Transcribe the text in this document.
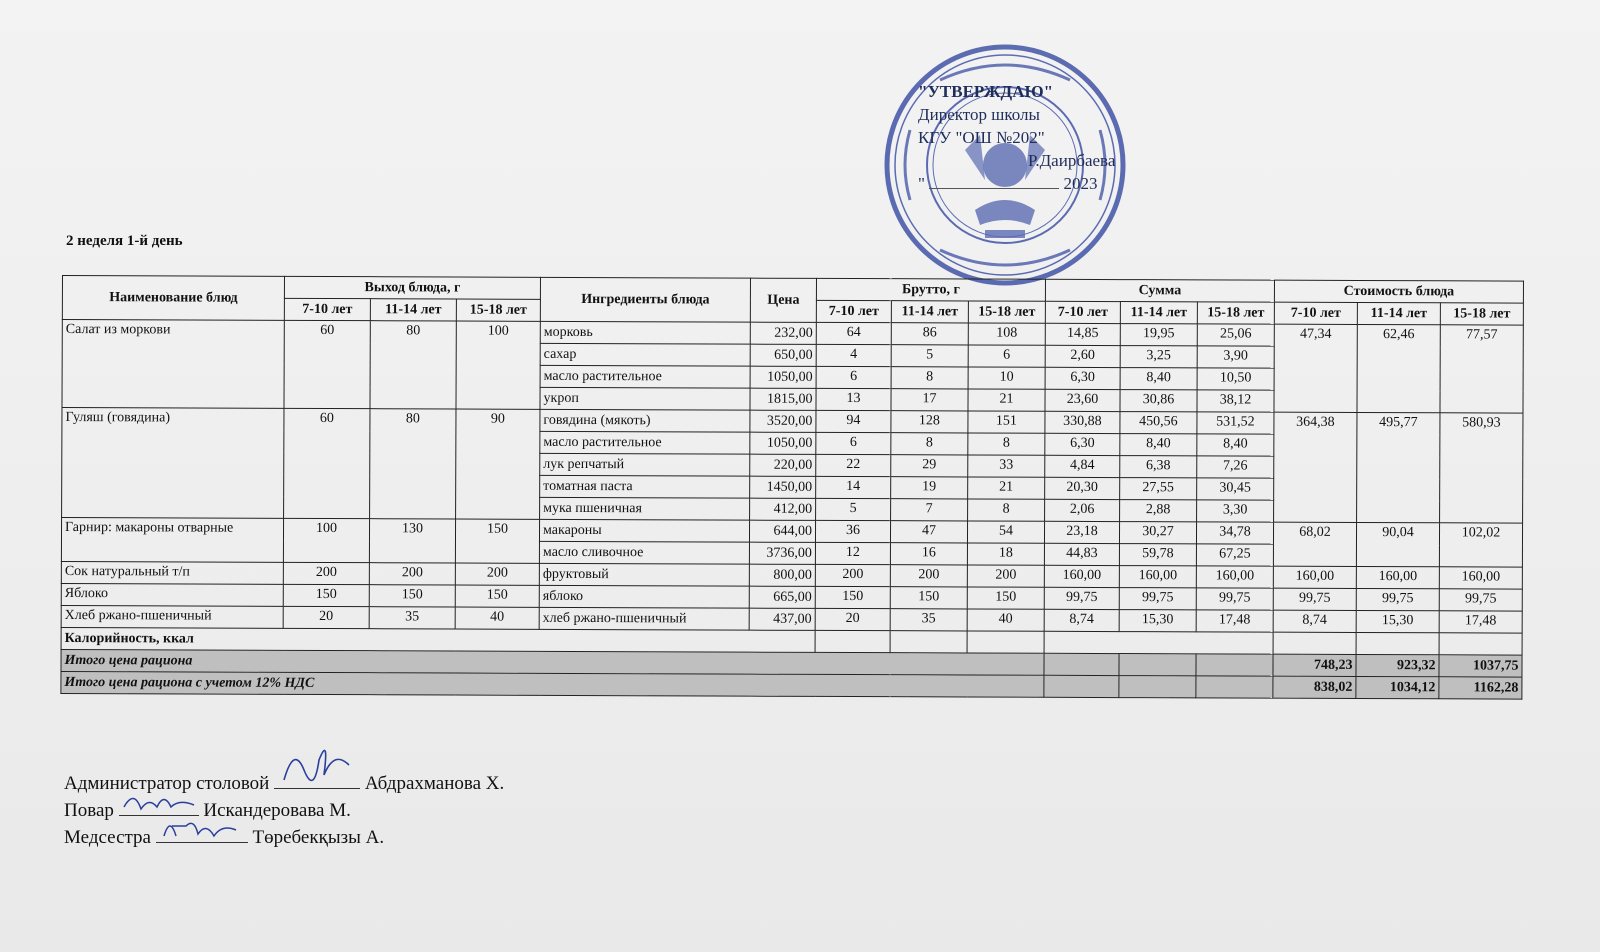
"УТВЕРЖДАЮ"
Директор школы
КГУ "ОШ №202"
Р.Даирбаева
"	2023
2 неделя 1-й день
Наименование блюд	Выход блюда, г			Ингредиенты блюда	Цена	Брутто, г			Сумма			Стоимость блюда		
	7-10 лет	11-14 лет	15-18 лет			7-10 лет	11-14 лет	15-18 лет	7-10 лет	11-14 лет	15-18 лет	7-10 лет	11-14 лет	15-18 лет
Салат из моркови	60	80	100	морковь	232,00	64	86	108	14,85	19,95	25,06	47,34	62,46	77,57
				сахар	650,00	4	5	6	2,60	3,25	3,90			
				масло растительное	1050,00	6	8	10	6,30	8,40	10,50			
				укроп	1815,00	13	17	21	23,60	30,86	38,12			
Гуляш (говядина)	60	80	90	говядина (мякоть)	3520,00	94	128	151	330,88	450,56	531,52	364,38	495,77	580,93
				масло растительное	1050,00	6	8	8	6,30	8,40	8,40			
				лук репчатый	220,00	22	29	33	4,84	6,38	7,26			
				томатная паста	1450,00	14	19	21	20,30	27,55	30,45			
				мука пшеничная	412,00	5	7	8	2,06	2,88	3,30			
Гарнир: макароны отварные	100	130	150	макароны	644,00	36	47	54	23,18	30,27	34,78	68,02	90,04	102,02
				масло сливочное	3736,00	12	16	18	44,83	59,78	67,25			
Сок натуральный т/п	200	200	200	фруктовый	800,00	200	200	200	160,00	160,00	160,00	160,00	160,00	160,00
Яблоко	150	150	150	яблоко	665,00	150	150	150	99,75	99,75	99,75	99,75	99,75	99,75
Хлеб ржано-пшеничный	20	35	40	хлеб ржано-пшеничный	437,00	20	35	40	8,74	15,30	17,48	8,74	15,30	17,48
Калорийность, ккал														
Итого цена рациона												748,23	923,32	1037,75
Итого цена рациона с учетом 12% НДС												838,02	1034,12	1162,28
Администратор столовой	Абдрахманова Х.
Повар	Искандеровава М.
Медсестра	Төребекқызы А.
